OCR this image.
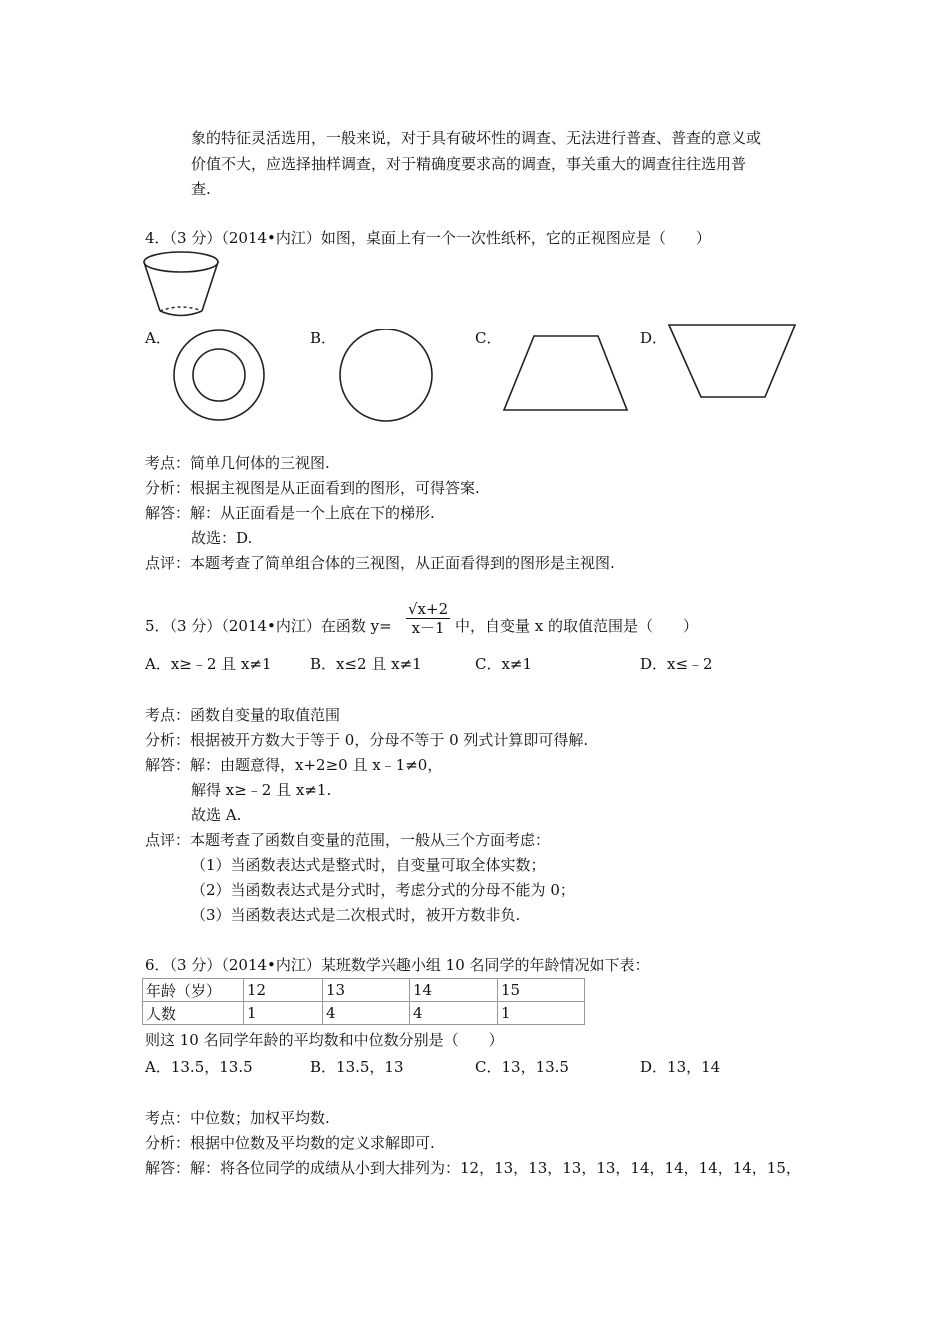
象的特征灵活选用，一般来说，对于具有破坏性的调查、无法进行普查、普查的意义或
价值不大，应选择抽样调查，对于精确度要求高的调查，事关重大的调查往往选用普
查.
4．（3 分）（2014•内江）如图，桌面上有一个一次性纸杯，它的正视图应是（　　）
A．	B．	C．	D．
考点：简单几何体的三视图.
分析：根据主视图是从正面看到的图形，可得答案.
解答：解：从正面看是一个上底在下的梯形.
故选：D.
点评：本题考查了简单组合体的三视图，从正面看得到的图形是主视图.
5．（3 分）（2014•内江）在函数 $y= \frac{√x+2}{x-1}$ 中，自变量 x 的取值范围是（　　）
A．x≥﹣2 且 x≠1	B．x≤2 且 x≠1	C．x≠1	D．x≤﹣2
考点：函数自变量的取值范围
分析：根据被开方数大于等于 0，分母不等于 0 列式计算即可得解.
解答：解：由题意得，x+2≥0 且 x﹣1≠0，
解得 x≥﹣2 且 x≠1.
故选 A.
点评：本题考查了函数自变量的范围，一般从三个方面考虑：
（1）当函数表达式是整式时，自变量可取全体实数；
（2）当函数表达式是分式时，考虑分式的分母不能为 0；
（3）当函数表达式是二次根式时，被开方数非负.
6．（3 分）（2014•内江）某班数学兴趣小组 10 名同学的年龄情况如下表：
年龄（岁）	12	13	14	15
人数	1	4	4	1
则这 10 名同学年龄的平均数和中位数分别是（　　）
A．13.5，13.5	B．13.5，13	C．13，13.5	D．13，14
考点：中位数；加权平均数.
分析：根据中位数及平均数的定义求解即可.
解答：解：将各位同学的成绩从小到大排列为：12，13，13，13，13，14，14，14，14，15，
